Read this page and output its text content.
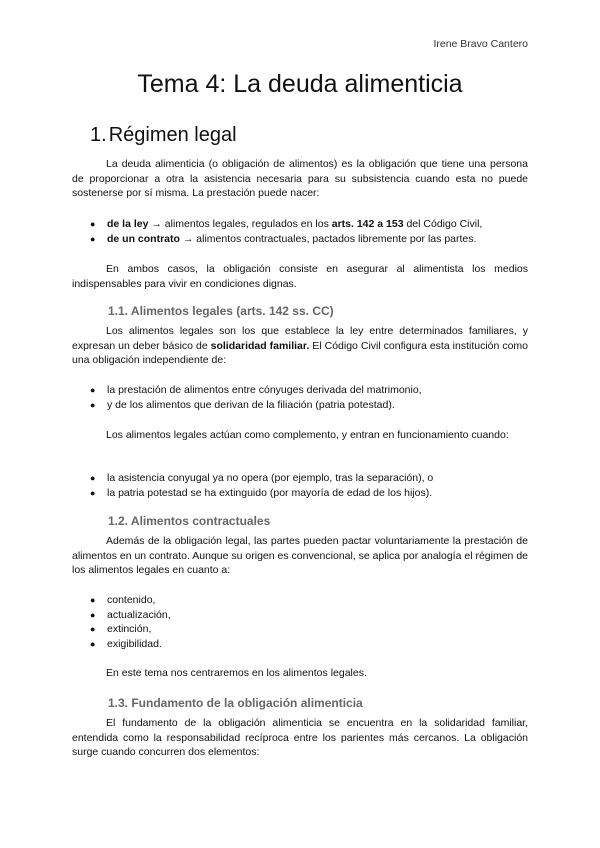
Irene Bravo Cantero
Tema 4: La deuda alimenticia
1. Régimen legal
La deuda alimenticia (o obligación de alimentos) es la obligación que tiene una persona de proporcionar a otra la asistencia necesaria para su subsistencia cuando esta no puede sostenerse por sí misma. La prestación puede nacer:
● de la ley → alimentos legales, regulados en los arts. 142 a 153 del Código Civil,
● de un contrato → alimentos contractuales, pactados libremente por las partes.
En ambos casos, la obligación consiste en asegurar al alimentista los medios indispensables para vivir en condiciones dignas.
1.1. Alimentos legales (arts. 142 ss. CC)
Los alimentos legales son los que establece la ley entre determinados familiares, y expresan un deber básico de solidaridad familiar. El Código Civil configura esta institución como una obligación independiente de:
● la prestación de alimentos entre cónyuges derivada del matrimonio,
● y de los alimentos que derivan de la filiación (patria potestad).
Los alimentos legales actúan como complemento, y entran en funcionamiento cuando:
● la asistencia conyugal ya no opera (por ejemplo, tras la separación), o
● la patria potestad se ha extinguido (por mayoría de edad de los hijos).
1.2. Alimentos contractuales
Además de la obligación legal, las partes pueden pactar voluntariamente la prestación de alimentos en un contrato. Aunque su origen es convencional, se aplica por analogía el régimen de los alimentos legales en cuanto a:
● contenido,
● actualización,
● extinción,
● exigibilidad.
En este tema nos centraremos en los alimentos legales.
1.3. Fundamento de la obligación alimenticia
El fundamento de la obligación alimenticia se encuentra en la solidaridad familiar, entendida como la responsabilidad recíproca entre los parientes más cercanos. La obligación surge cuando concurren dos elementos:
